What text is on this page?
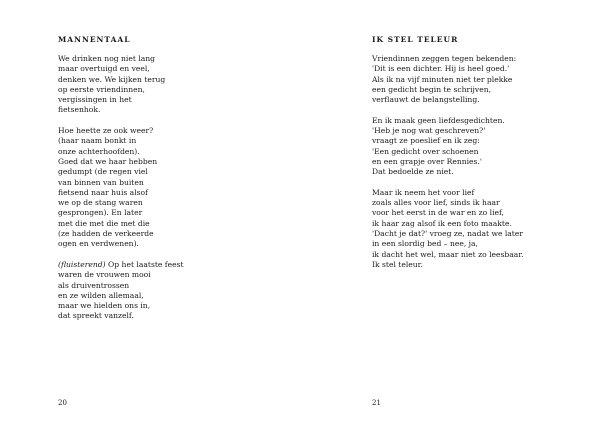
MANNENTAAL
We drinken nog niet lang
maar overtuigd en veel,
denken we. We kijken terug
op eerste vriendinnen,
vergissingen in het
fietsenhok.
Hoe heette ze ook weer?
(haar naam bonkt in
onze achterhoofden).
Goed dat we haar hebben
gedumpt (de regen viel
van binnen van buiten
fietsend naar huis alsof
we op de stang waren
gesprongen). En later
met die met die met die
(ze hadden de verkeerde
ogen en verdwenen).
(fluisterend) Op het laatste feest
waren de vrouwen mooi
als druiventrossen
en ze wilden allemaal,
maar we hielden ons in,
dat spreekt vanzelf.
20
IK STEL TELEUR
Vriendinnen zeggen tegen bekenden:
'Dit is een dichter. Hij is heel goed.'
Als ik na vijf minuten niet ter plekke
een gedicht begin te schrijven,
verflauwt de belangstelling.
En ik maak geen liefdesgedichten.
'Heb je nog wat geschreven?'
vraagt ze poeslief en ik zeg:
'Een gedicht over schoenen
en een grapje over Rennies.'
Dat bedoelde ze niet.
Maar ik neem het voor lief
zoals alles voor lief, sinds ik haar
voor het eerst in de war en zo lief,
ik haar zag alsof ik een foto maakte.
'Dacht je dat?' vroeg ze, nadat we later
in een slordig bed – nee, ja,
ik dacht het wel, maar niet zo leesbaar.
Ik stel teleur.
21
